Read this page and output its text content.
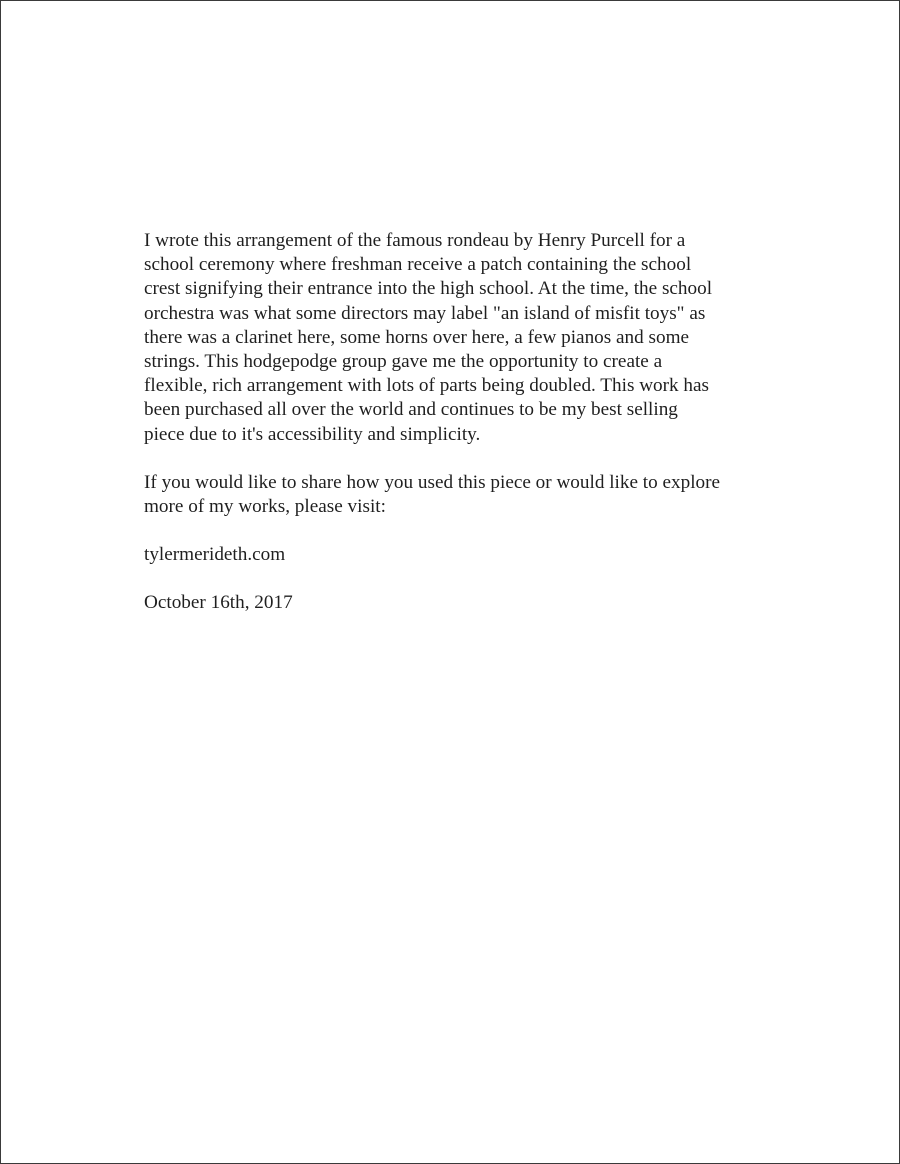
I wrote this arrangement of the famous rondeau by Henry Purcell for a
school ceremony where freshman receive a patch containing the school
crest signifying their entrance into the high school. At the time, the school
orchestra was what some directors may label "an island of misfit toys" as
there was a clarinet here, some horns over here, a few pianos and some
strings. This hodgepodge group gave me the opportunity to create a
flexible, rich arrangement with lots of parts being doubled. This work has
been purchased all over the world and continues to be my best selling
piece due to it's accessibility and simplicity.

If you would like to share how you used this piece or would like to explore
more of my works, please visit:

tylermerideth.com

October 16th, 2017
